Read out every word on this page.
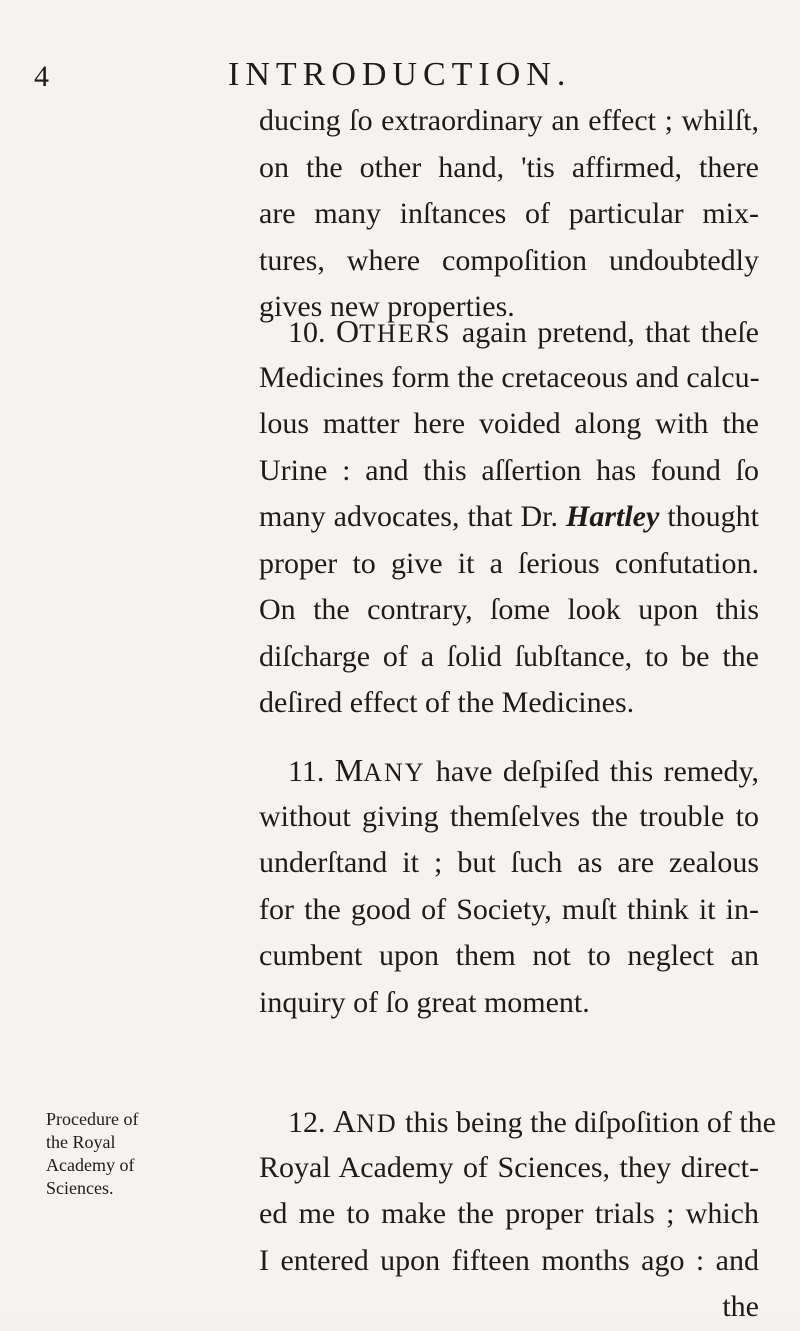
4	INTRODUCTION.
ducing ſo extraordinary an effect ; whilſt,
on the other hand, 'tis affirmed, there
are many inſtances of particular mix-
tures, where compoſition undoubtedly
gives new properties.
10. OTHERS again pretend, that theſe
Medicines form the cretaceous and calcu-
lous matter here voided along with the
Urine : and this aſſertion has found ſo
many advocates, that Dr. Hartley thought
proper to give it a ſerious confutation.
On the contrary, ſome look upon this
diſcharge of a ſolid ſubſtance, to be the
deſired effect of the Medicines.
11. MANY have deſpiſed this remedy,
without giving themſelves the trouble to
underſtand it ; but ſuch as are zealous
for the good of Society, muſt think it in-
cumbent upon them not to neglect an
inquiry of ſo great moment.
Procedure of
the Royal
Academy of
Sciences.
12. AND this being the diſpoſition of the
Royal Academy of Sciences, they direct-
ed me to make the proper trials ; which
I entered upon fifteen months ago : and
the
